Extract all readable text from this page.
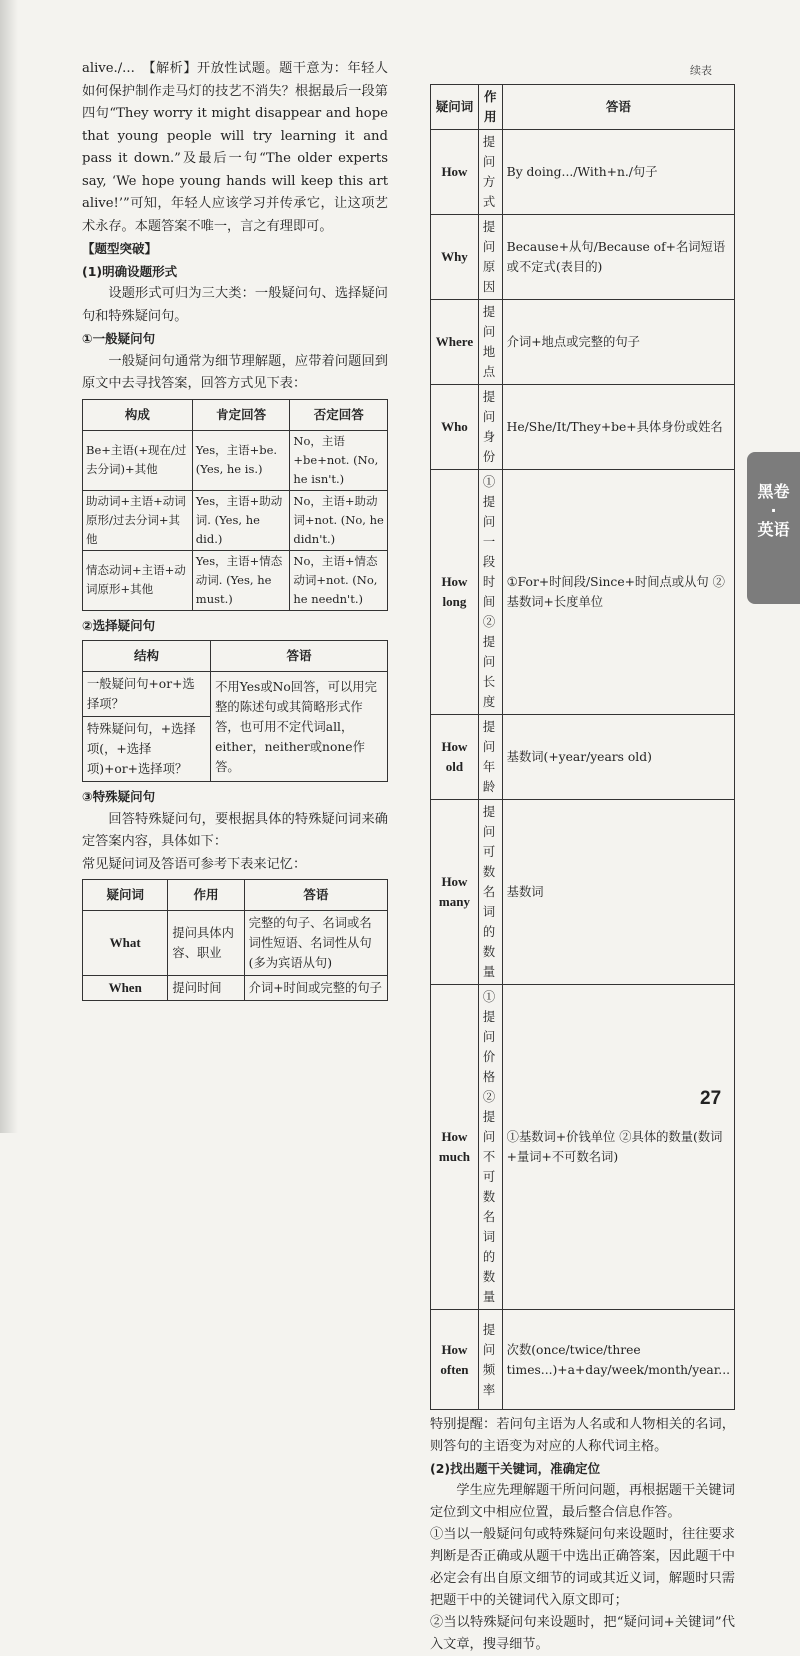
alive./...　【解析】开放性试题。题干意为：年轻人如何保护制作走马灯的技艺不消失？根据最后一段第四句“They worry it might disappear and hope that young people will try learning it and pass it down.”及最后一句“The older experts say, ‘We hope young hands will keep this art alive!’”可知，年轻人应该学习并传承它，让这项艺术永存。本题答案不唯一，言之有理即可。

【题型突破】

(1)明确设题形式

设题形式可归为三大类：一般疑问句、选择疑问句和特殊疑问句。

①一般疑问句

一般疑问句通常为细节理解题，应带着问题回到原文中去寻找答案，回答方式见下表：

构成	肯定回答	否定回答
Be+主语(+现在/过去分词)+其他	Yes，主语+be. (Yes, he is.)	No，主语+be+not. (No, he isn't.)
助动词+主语+动词原形/过去分词+其他	Yes，主语+助动词. (Yes, he did.)	No，主语+助动词+not. (No, he didn't.)
情态动词+主语+动词原形+其他	Yes，主语+情态动词. (Yes, he must.)	No，主语+情态动词+not. (No, he needn't.)

②选择疑问句

结构	答语
一般疑问句+or+选择项？	不用Yes或No回答，可以用完整的陈述句或其简略形式作答，也可用不定代词all，either，neither或none作答。
特殊疑问句，+选择项(，+选择项)+or+选择项？	

③特殊疑问句

回答特殊疑问句，要根据具体的特殊疑问词来确定答案内容，具体如下：

常见疑问词及答语可参考下表来记忆：

疑问词	作用	答语
What	提问具体内容、职业	完整的句子、名词或名词性短语、名词性从句(多为宾语从句)
When	提问时间	介词+时间或完整的句子
续表
疑问词	作用	答语
How	提问方式	By doing.../With+n./句子
Why	提问原因	Because+从句/Because of+名词短语或不定式(表目的)
Where	提问地点	介词+地点或完整的句子
Who	提问身份	He/She/It/They+be+具体身份或姓名
How long	①提问一段时间 ②提问长度	①For+时间段/Since+时间点或从句 ②基数词+长度单位
How old	提问年龄	基数词(+year/years old)
How many	提问可数名词的数量	基数词
How much	①提问价格 ②提问不可数名词的数量	①基数词+价钱单位 ②具体的数量(数词+量词+不可数名词)
How often	提问频率	次数(once/twice/three times...)+a+day/week/month/year...

特别提醒：若问句主语为人名或和人物相关的名词，则答句的主语变为对应的人称代词主格。

(2)找出题干关键词，准确定位

学生应先理解题干所问问题，再根据题干关键词定位到文中相应位置，最后整合信息作答。

①当以一般疑问句或特殊疑问句来设题时，往往要求判断是否正确或从题干中选出正确答案，因此题干中必定会有出自原文细节的词或其近义词，解题时只需把题干中的关键词代入原文即可；

②当以特殊疑问句来设题时，把“疑问词+关键词”代入文章，搜寻细节。

黑卷
·
英语
27
